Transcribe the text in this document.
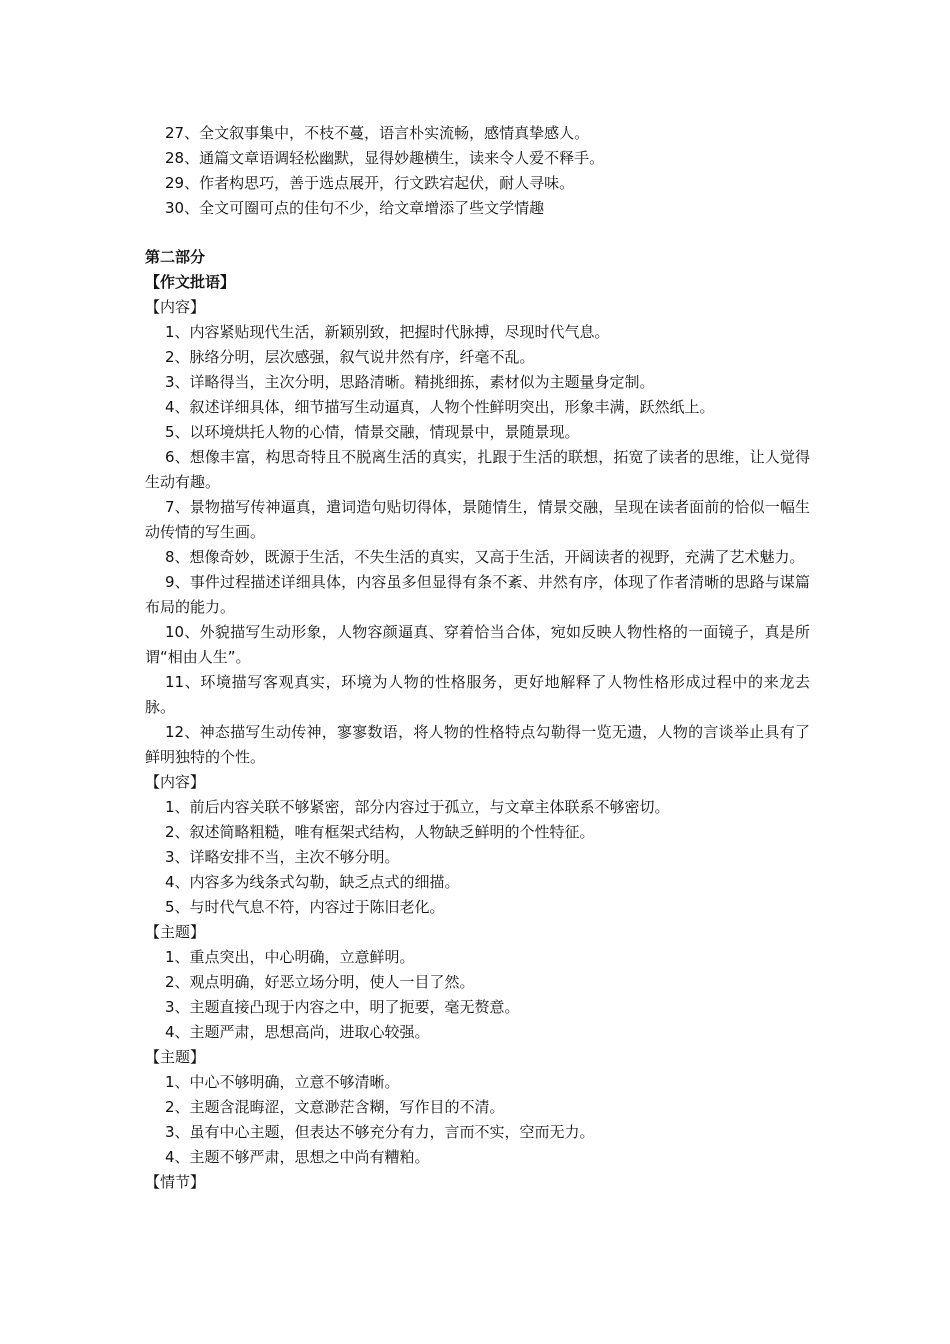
27、全文叙事集中，不枝不蔓，语言朴实流畅，感情真挚感人。
28、通篇文章语调轻松幽默，显得妙趣横生，读来令人爱不释手。
29、作者构思巧，善于选点展开，行文跌宕起伏，耐人寻味。
30、全文可圈可点的佳句不少，给文章增添了些文学情趣
第二部分
【作文批语】
【内容】
1、内容紧贴现代生活，新颖别致，把握时代脉搏，尽现时代气息。
2、脉络分明，层次感强，叙气说井然有序，纤毫不乱。
3、详略得当，主次分明，思路清晰。精挑细拣，素材似为主题量身定制。
4、叙述详细具体，细节描写生动逼真，人物个性鲜明突出，形象丰满，跃然纸上。
5、以环境烘托人物的心情，情景交融，情现景中，景随景现。
6、想像丰富，构思奇特且不脱离生活的真实，扎跟于生活的联想，拓宽了读者的思维，让人觉得生动有趣。
7、景物描写传神逼真，遣词造句贴切得体，景随情生，情景交融，呈现在读者面前的恰似一幅生动传情的写生画。
8、想像奇妙，既源于生活，不失生活的真实，又高于生活，开阔读者的视野，充满了艺术魅力。
9、事件过程描述详细具体，内容虽多但显得有条不紊、井然有序，体现了作者清晰的思路与谋篇布局的能力。
10、外貌描写生动形象，人物容颜逼真、穿着恰当合体，宛如反映人物性格的一面镜子，真是所谓“相由人生”。
11、环境描写客观真实，环境为人物的性格服务，更好地解释了人物性格形成过程中的来龙去脉。
12、神态描写生动传神，寥寥数语，将人物的性格特点勾勒得一览无遗，人物的言谈举止具有了鲜明独特的个性。
【内容】
1、前后内容关联不够紧密，部分内容过于孤立，与文章主体联系不够密切。
2、叙述简略粗糙，唯有框架式结构，人物缺乏鲜明的个性特征。
3、详略安排不当，主次不够分明。
4、内容多为线条式勾勒，缺乏点式的细描。
5、与时代气息不符，内容过于陈旧老化。
【主题】
1、重点突出，中心明确，立意鲜明。
2、观点明确，好恶立场分明，使人一目了然。
3、主题直接凸现于内容之中，明了扼要，毫无赘意。
4、主题严肃，思想高尚，进取心较强。
【主题】
1、中心不够明确，立意不够清晰。
2、主题含混晦涩，文意渺茫含糊，写作目的不清。
3、虽有中心主题，但表达不够充分有力，言而不实，空而无力。
4、主题不够严肃，思想之中尚有糟粕。
【情节】
